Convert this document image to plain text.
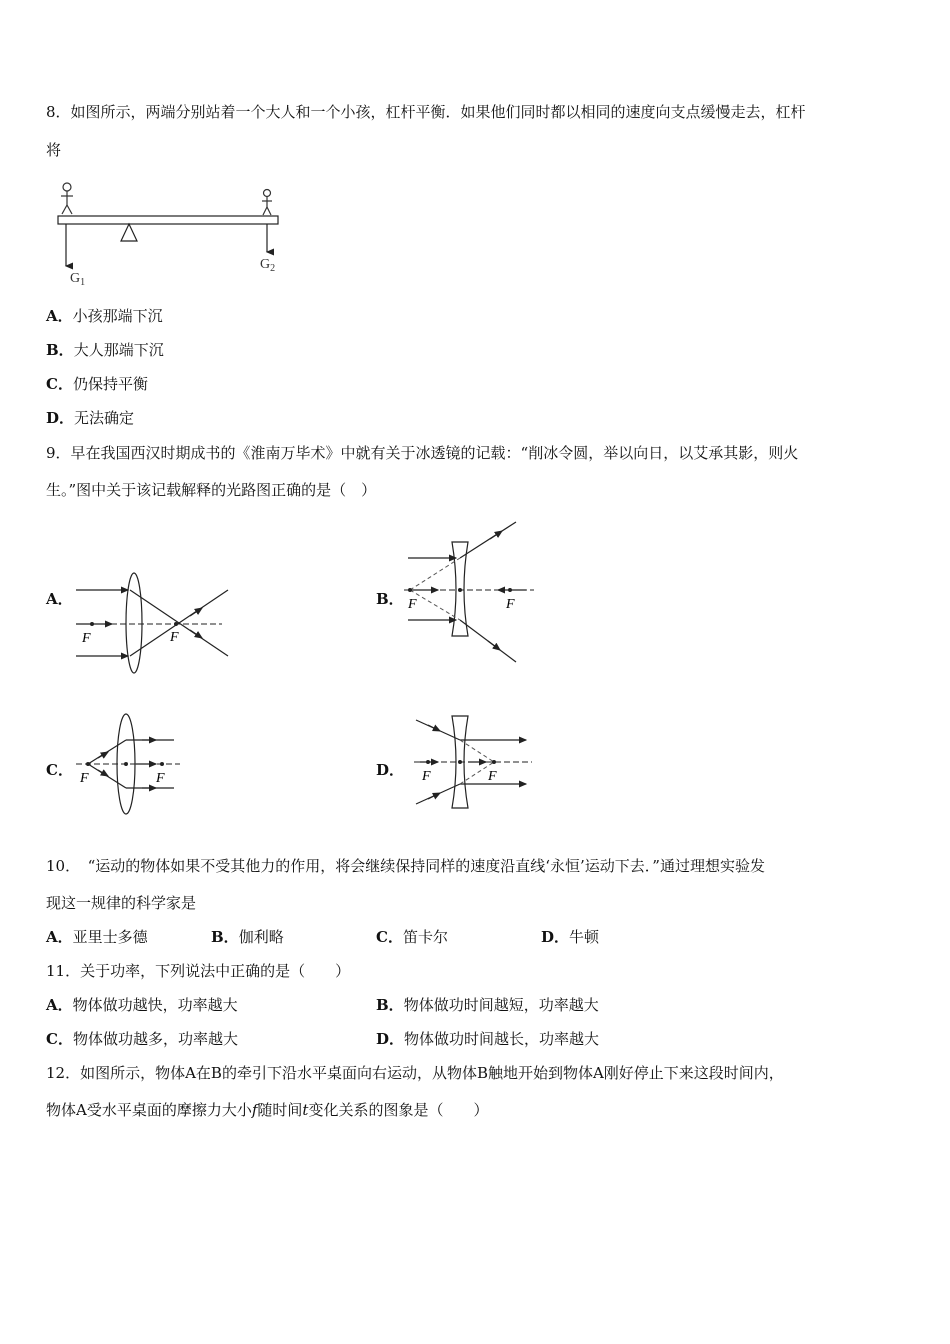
8．如图所示，两端分别站着一个大人和一个小孩，杠杆平衡．如果他们同时都以相同的速度向支点缓慢走去，杠杆
将
$G_1$
$G_2$
A．小孩那端下沉
B．大人那端下沉
C．仍保持平衡
D．无法确定
9．早在我国西汉时期成书的《淮南万毕术》中就有关于冰透镜的记载：“削冰令圆，举以向日，以艾承其影，则火
生。”图中关于该记载解释的光路图正确的是（　）
A．	B．
C．	D．
F	F
F	F
F	F	F	F
10．　“运动的物体如果不受其他力的作用，将会继续保持同样的速度沿直线‘永恒’运动下去．”通过理想实验发
现这一规律的科学家是
A．亚里士多德	B．伽利略	C．笛卡尔	D．牛顿
11．关于功率，下列说法中正确的是（　　）
A．物体做功越快，功率越大	B．物体做功时间越短，功率越大
C．物体做功越多，功率越大	D．物体做功时间越长，功率越大
12．如图所示，物体A在B的牵引下沿水平桌面向右运动，从物体B触地开始到物体A刚好停止下来这段时间内，
物体A受水平桌面的摩擦力大小f随时间t变化关系的图象是（　　）
